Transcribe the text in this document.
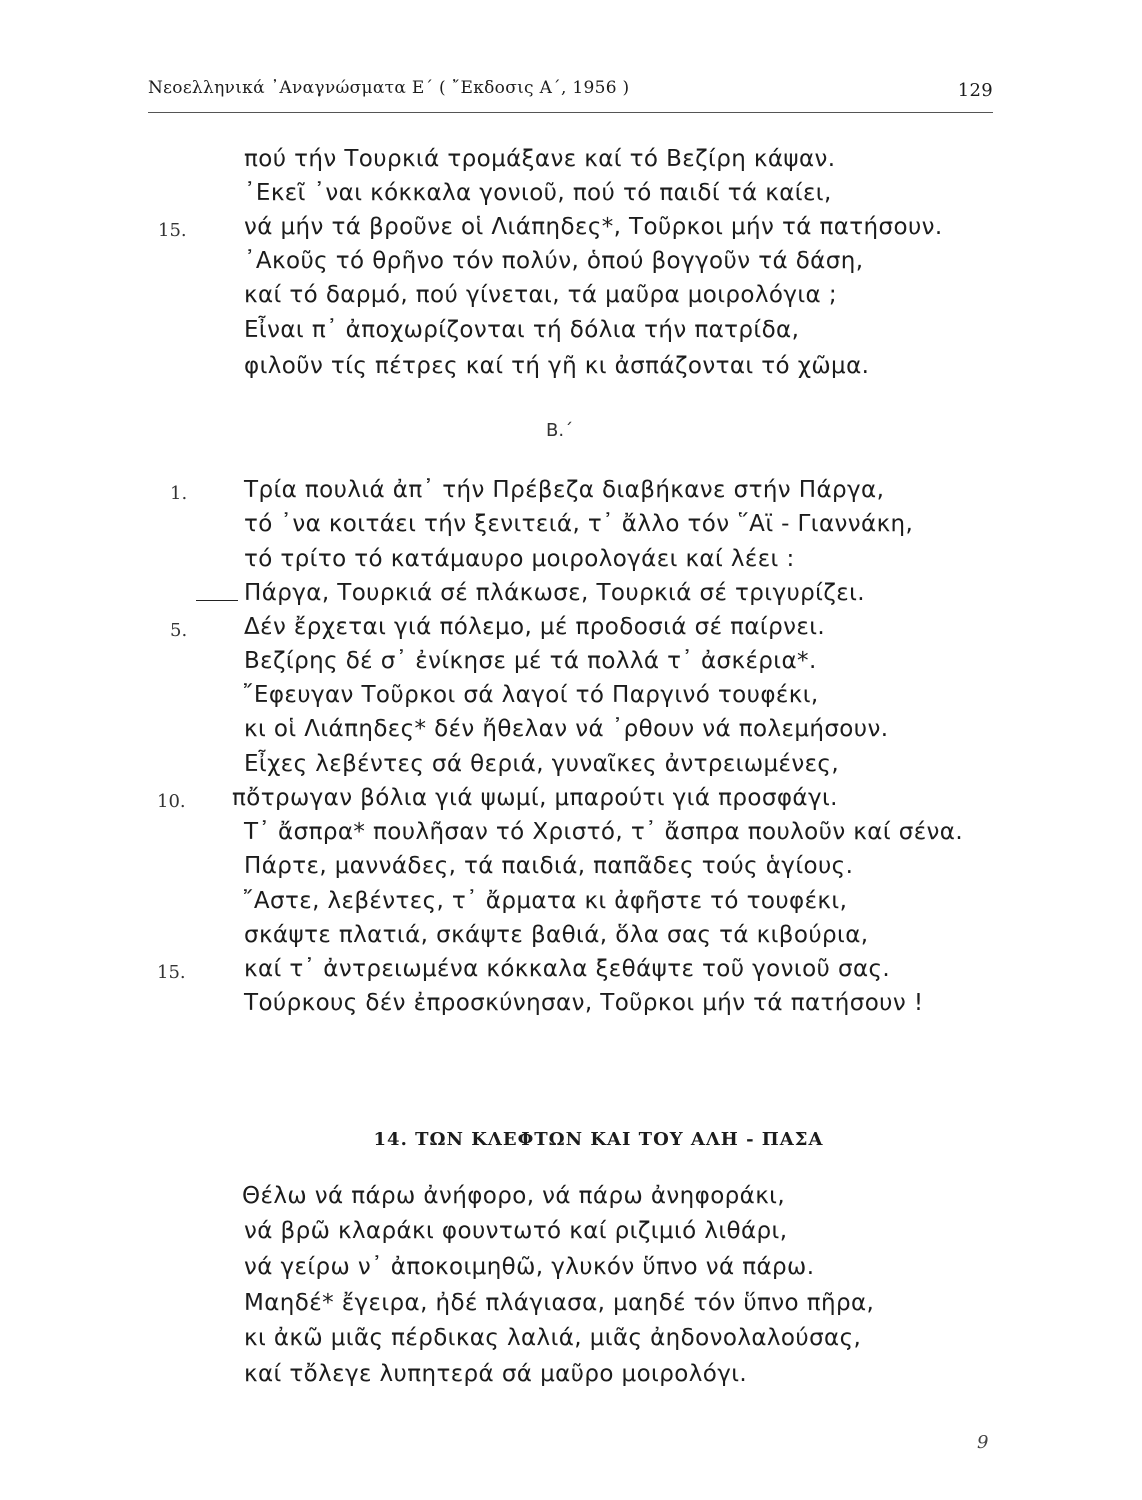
Νεοελληνικά ᾿Αναγνώσματα Ε΄ ( ῎Εκδοσις Α΄, 1956 )	129
πού τήν Τουρκιά τρομάξανε καί τό Βεζίρη κάψαν.
᾿Εκεῖ ᾽ναι κόκκαλα γονιοῦ, πού τό παιδί τά καίει,
15.	νά μήν τά βροῦνε οἱ Λιάπηδες*, Τοῦρκοι μήν τά πατήσουν.
᾿Ακοῦς τό θρῆνο τόν πολύν, ὁπού βογγοῦν τά δάση,
καί τό δαρμό, πού γίνεται, τά μαῦρα μοιρολόγια ;
Εἶναι π᾽ ἀποχωρίζονται τή δόλια τήν πατρίδα,
φιλοῦν τίς πέτρες καί τή γῆ κι ἀσπάζονται τό χῶμα.
Β.΄
1.	Τρία πουλιά ἀπ᾽ τήν Πρέβεζα διαβήκανε στήν Πάργα,
τό ᾽να κοιτάει τήν ξενιτειά, τ᾽ ἄλλο τόν ῞Αϊ - Γιαννάκη,
τό τρίτο τό κατάμαυρο μοιρολογάει καί λέει :
Πάργα, Τουρκιά σέ πλάκωσε, Τουρκιά σέ τριγυρίζει.
5.	Δέν ἔρχεται γιά πόλεμο, μέ προδοσιά σέ παίρνει.
Βεζίρης δέ σ᾽ ἐνίκησε μέ τά πολλά τ᾽ ἀσκέρια*.
῎Εφευγαν Τοῦρκοι σά λαγοί τό Παργινό τουφέκι,
κι οἱ Λιάπηδες* δέν ἤθελαν νά ᾽ρθουν νά πολεμήσουν.
Εἶχες λεβέντες σά θεριά, γυναῖκες ἀντρειωμένες,
10.	πὄτρωγαν βόλια γιά ψωμί, μπαρούτι γιά προσφάγι.
Τ᾽ ἄσπρα* πουλῆσαν τό Χριστό, τ᾽ ἄσπρα πουλοῦν καί σένα.
Πάρτε, μαννάδες, τά παιδιά, παπᾶδες τούς ἁγίους.
῎Αστε, λεβέντες, τ᾽ ἄρματα κι ἀφῆστε τό τουφέκι,
σκάψτε πλατιά, σκάψτε βαθιά, ὅλα σας τά κιβούρια,
15.	καί τ᾽ ἀντρειωμένα κόκκαλα ξεθάψτε τοῦ γονιοῦ σας.
Τούρκους δέν ἐπροσκύνησαν, Τοῦρκοι μήν τά πατήσουν !
14. ΤΩΝ ΚΛΕΦΤΩΝ ΚΑΙ ΤΟΥ ΑΛΗ - ΠΑΣΑ
Θέλω νά πάρω ἀνήφορο, νά πάρω ἀνηφοράκι,
νά βρῶ κλαράκι φουντωτό καί ριζιμιό λιθάρι,
νά γείρω ν᾽ ἀποκοιμηθῶ, γλυκόν ὕπνο νά πάρω.
Μαηδέ* ἔγειρα, ἠδέ πλάγιασα, μαηδέ τόν ὕπνο πῆρα,
κι ἀκῶ μιᾶς πέρδικας λαλιά, μιᾶς ἀηδονολαλούσας,
καί τὄλεγε λυπητερά σά μαῦρο μοιρολόγι.
9
